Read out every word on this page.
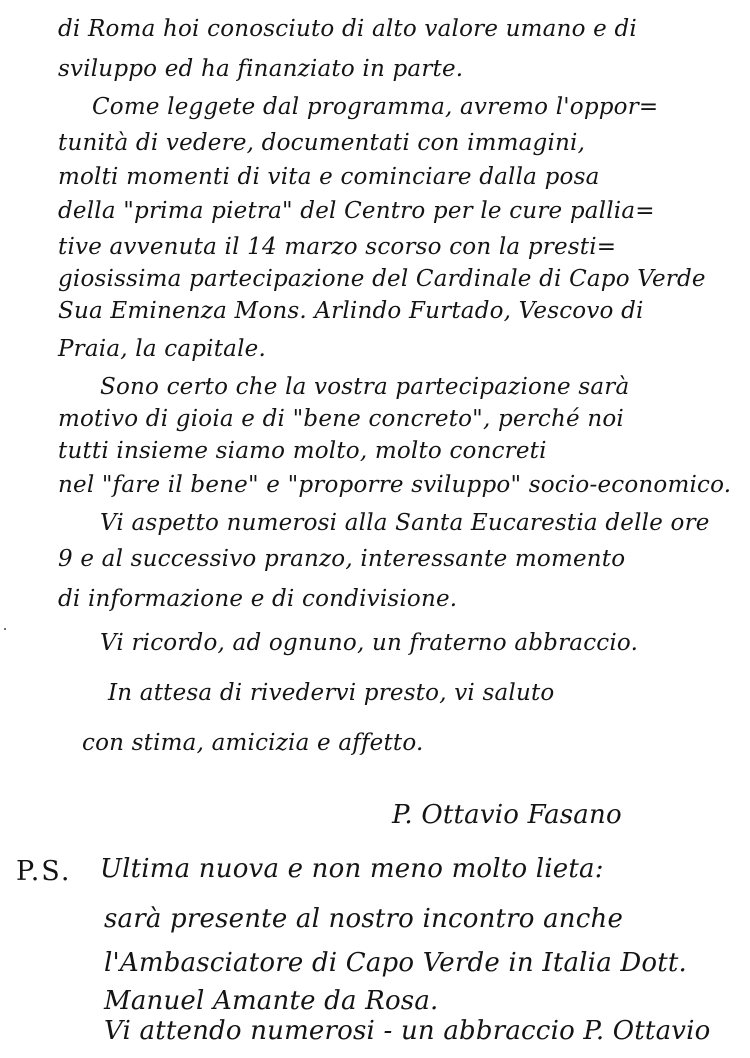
di Roma hoi conosciuto di alto valore umano e di
sviluppo ed ha finanziato in parte.
Come leggete dal programma, avremo l'oppor=
tunità di vedere, documentati con immagini,
molti momenti di vita e cominciare dalla posa
della "prima pietra" del Centro per le cure pallia=
tive avvenuta il 14 marzo scorso con la presti=
giosissima partecipazione del Cardinale di Capo Verde
Sua Eminenza Mons. Arlindo Furtado, Vescovo di
Praia, la capitale.
Sono certo che la vostra partecipazione sarà
motivo di gioia e di "bene concreto", perché noi
tutti insieme siamo molto, molto concreti
nel "fare il bene" e "proporre sviluppo" socio-economico.
Vi aspetto numerosi alla Santa Eucarestia delle ore
9 e al successivo pranzo, interessante momento
di informazione e di condivisione.
Vi ricordo, ad ognuno, un fraterno abbraccio.
In attesa di rivedervi presto, vi saluto
con stima, amicizia e affetto.
P. Ottavio Fasano
P.S. Ultima nuova e non meno molto lieta:
sarà presente al nostro incontro anche
l'Ambasciatore di Capo Verde in Italia Dott.
Manuel Amante da Rosa.
Vi attendo numerosi - un abbraccio P. Ottavio
